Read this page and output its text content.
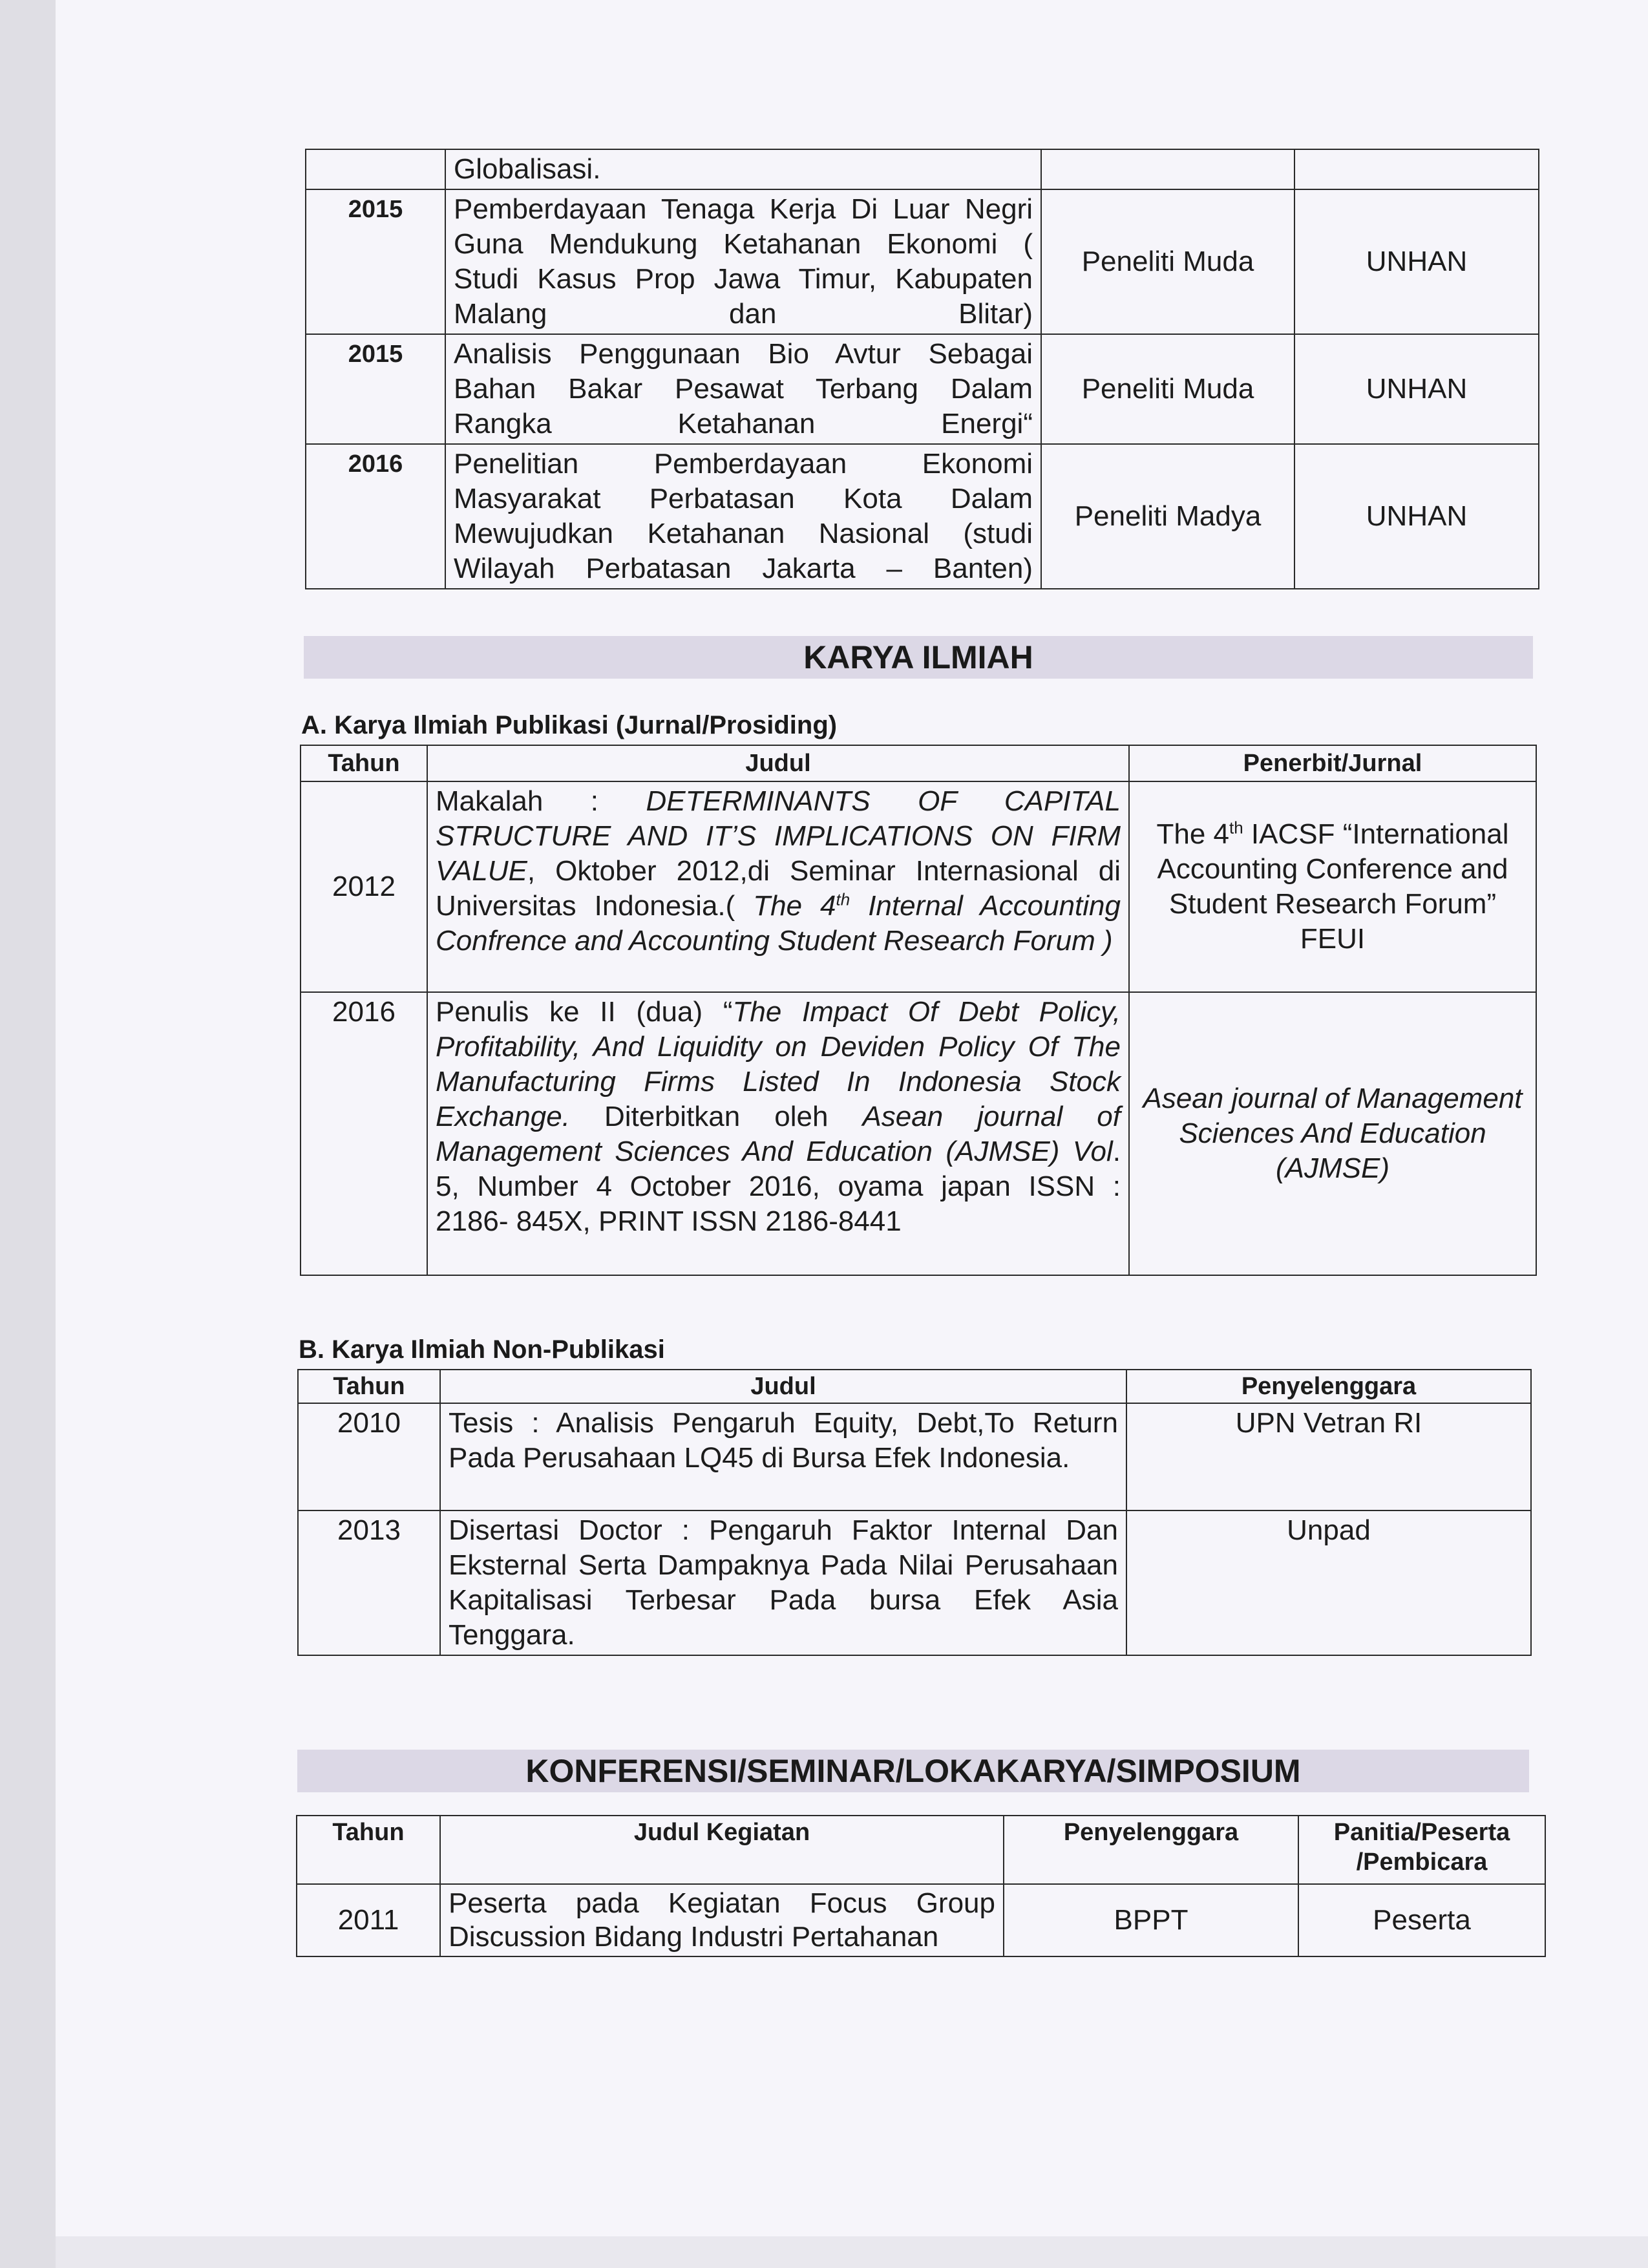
	Globalisasi.		
2015	Pemberdayaan Tenaga Kerja Di Luar Negri Guna Mendukung Ketahanan Ekonomi ( Studi Kasus Prop Jawa Timur, Kabupaten Malang dan Blitar)	Peneliti Muda	UNHAN
2015	Analisis Penggunaan Bio Avtur Sebagai Bahan Bakar Pesawat Terbang Dalam Rangka Ketahanan Energi“	Peneliti Muda	UNHAN
2016	Penelitian Pemberdayaan Ekonomi Masyarakat Perbatasan Kota Dalam Mewujudkan Ketahanan Nasional (studi Wilayah Perbatasan Jakarta – Banten)	Peneliti Madya	UNHAN
KARYA ILMIAH
A. Karya Ilmiah Publikasi (Jurnal/Prosiding)
Tahun	Judul	Penerbit/Jurnal
2012	Makalah : DETERMINANTS OF CAPITAL STRUCTURE AND IT’S IMPLICATIONS ON FIRM VALUE, Oktober 2012,di Seminar Internasional di Universitas Indonesia.( The 4th Internal Accounting Confrence and Accounting Student Research Forum )	The 4th IACSF “International Accounting Conference and Student Research Forum” FEUI
2016	Penulis ke II (dua) “The Impact Of Debt Policy, Profitability, And Liquidity on Deviden Policy Of The Manufacturing Firms Listed In Indonesia Stock Exchange. Diterbitkan oleh Asean journal of Management Sciences And Education (AJMSE) Vol. 5, Number 4 October 2016, oyama japan ISSN : 2186- 845X, PRINT ISSN 2186-8441	Asean journal of Management Sciences And Education (AJMSE)
B. Karya Ilmiah Non-Publikasi
Tahun	Judul	Penyelenggara
2010	Tesis : Analisis Pengaruh Equity, Debt,To Return Pada Perusahaan LQ45 di Bursa Efek Indonesia.	UPN Vetran RI
2013	Disertasi Doctor : Pengaruh Faktor Internal Dan Eksternal Serta Dampaknya Pada Nilai Perusahaan Kapitalisasi Terbesar Pada bursa Efek Asia Tenggara.	Unpad
KONFERENSI/SEMINAR/LOKAKARYA/SIMPOSIUM
Tahun	Judul Kegiatan	Penyelenggara	Panitia/Peserta /Pembicara
2011	Peserta pada Kegiatan Focus Group Discussion Bidang Industri Pertahanan	BPPT	Peserta
